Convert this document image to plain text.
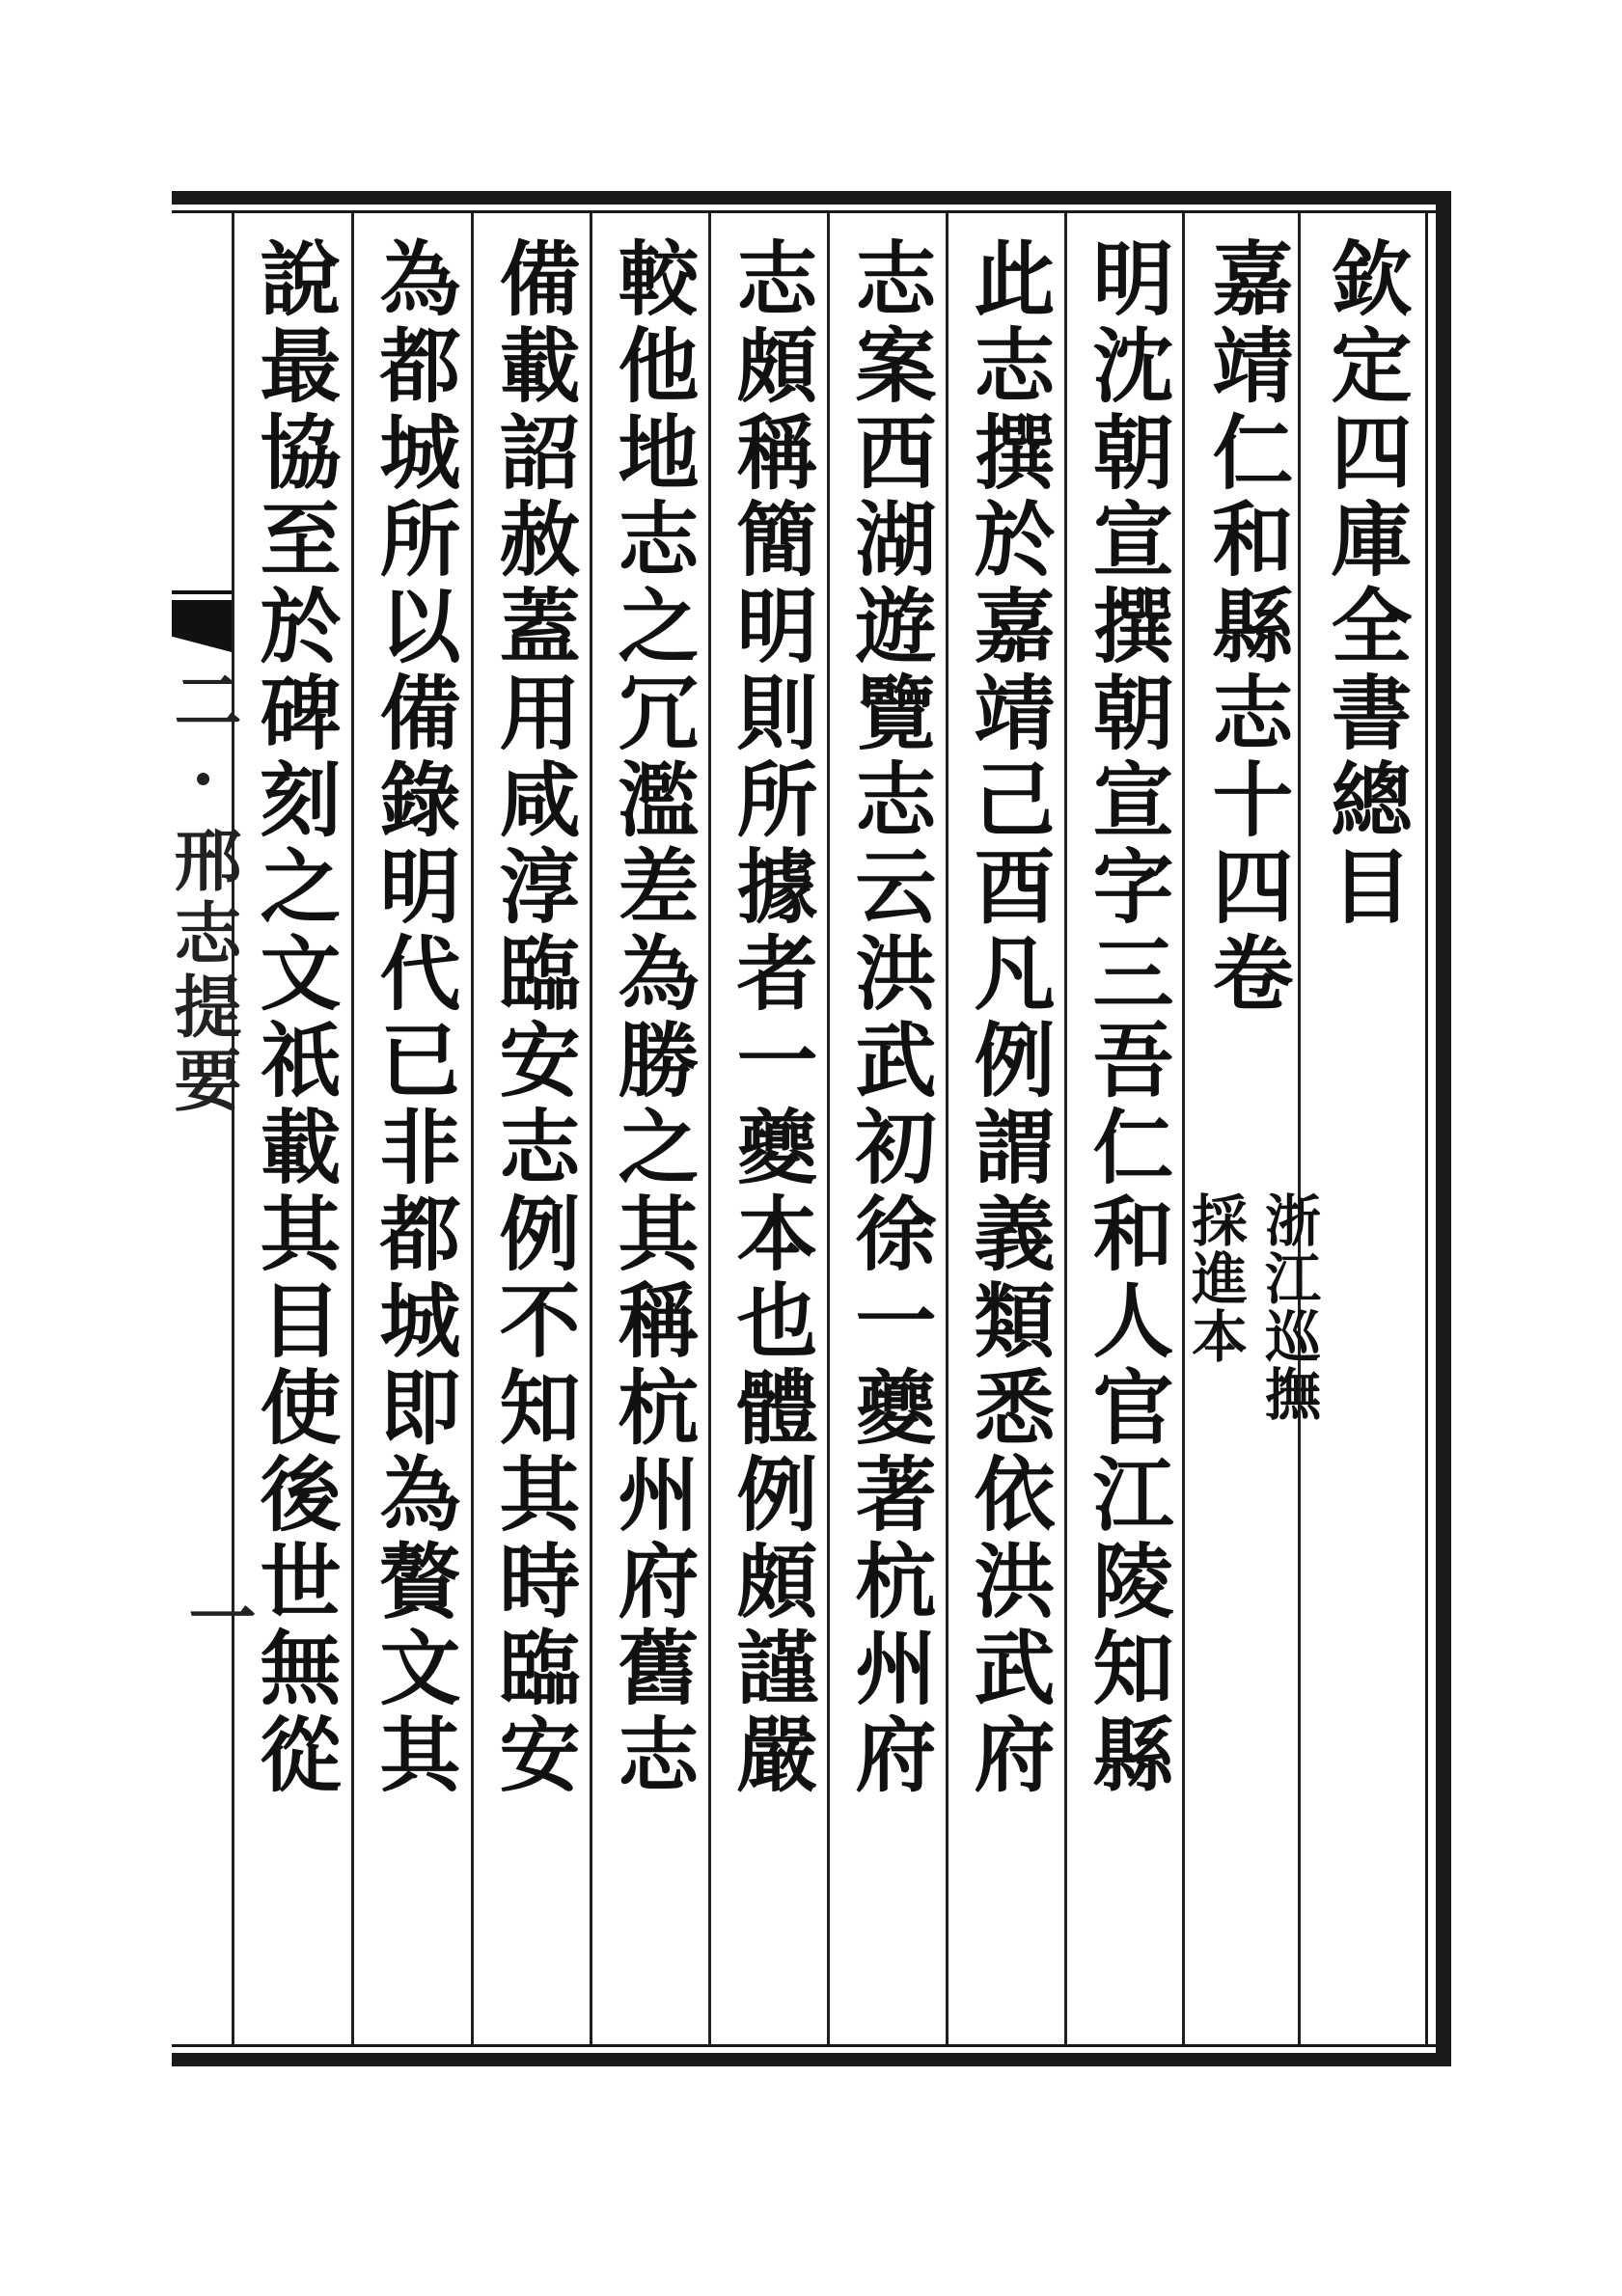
二·邢志提要
一
欽定四庫全書總目
嘉靖仁和縣志十四卷
浙江巡撫
採進本
明沈朝宣撰朝宣字三吾仁和人官江陵知縣
此志撰於嘉靖己酉凡例謂義類悉依洪武府
志案西湖遊覽志云洪武初徐一夔著杭州府
志頗稱簡明則所據者一夔本也體例頗謹嚴
較他地志之冗濫差為勝之其稱杭州府舊志
備載詔赦蓋用咸淳臨安志例不知其時臨安
為都城所以備錄明代已非都城即為贅文其
說最協至於碑刻之文祇載其目使後世無從
